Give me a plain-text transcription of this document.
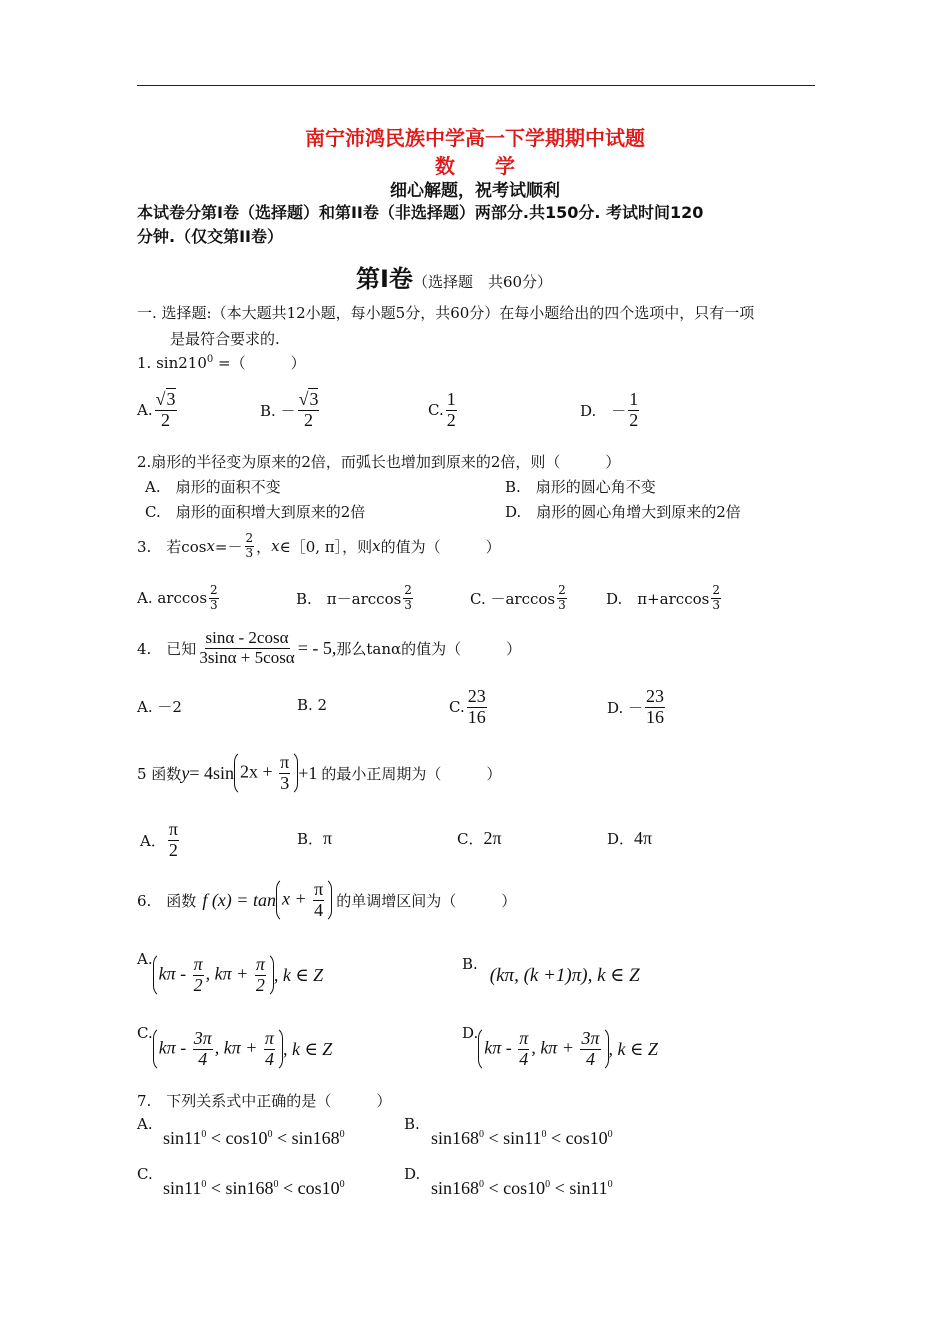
南宁沛鸿民族中学高一下学期期中试题
数　　学
细心解题，祝考试顺利
本试卷分第Ⅰ卷（选择题）和第II卷（非选择题）两部分.共150分. 考试时间120
分钟.（仅交第II卷）
第Ⅰ卷（选择题　共60分）
一. 选择题:（本大题共12小题，每小题5分，共60分）在每小题给出的四个选项中，只有一项
是最符合要求的.
1. $\sin 210^0$ =（　　　）
A. $\frac{√3}{2}$	B. － $\frac{√3}{2}$	C. $\frac{1}{2}$	D.　－ $\frac{1}{2}$
2.扇形的半径变为原来的2倍，而弧长也增加到原来的2倍，则（　　　）
A.　扇形的面积不变	B.　扇形的圆心角不变
C.　扇形的面积增大到原来的2倍	D.　扇形的圆心角增大到原来的2倍
3.　若$\cos x =- \frac{2}{3}$ ， x ∈［0, π］，则 x 的值为（　　　）
A. $\arccos \frac{2}{3}$	B.　$\pi-\arccos \frac{2}{3}$	C. $-\arccos \frac{2}{3}$	D.　$\pi+\arccos \frac{2}{3}$
4.　已知 $\frac{\sin\alpha - 2\cos\alpha}{3\sin\alpha + 5\cos\alpha}$ = - 5, 那么tanα 的值为（　　　）
A. －2	B. 2	C. $\frac{23}{16}$	D. － $\frac{23}{16}$
5 函数 y = 4sin $2x + \frac{\pi}{3} +1$ 的最小正周期为（　　　）
A． $\frac{\pi}{2}$	B．π	C．2π	D．4π
6.　函数 f $(x) = \tan x + \frac{\pi}{4}$ 的单调增区间为（　　　）
A.
kπ - $\frac{\pi}{2}$ , $k\pi + \frac{\pi}{2}$ , k ∈ Z
B.
(kπ, (k +1)π), k ∈ Z
C.
kπ - $\frac{3\pi}{4}$ , $k\pi + \frac{\pi}{4}$ , k ∈ Z
D.
kπ - $\frac{\pi}{4}$ , $k\pi + \frac{3\pi}{4}$ , k ∈ Z
7.　下列关系式中正确的是（　　　）
A.
$\sin 11^0 < \cos 10^0 < \sin 168^0$
B.
$\sin 168^0 < \sin 11^0 < \cos 10^0$
C.
$\sin 11^0 < \sin 168^0 < \cos 10^0$
D.
$\sin 168^0 < \cos 10^0 < \sin 11^0$
